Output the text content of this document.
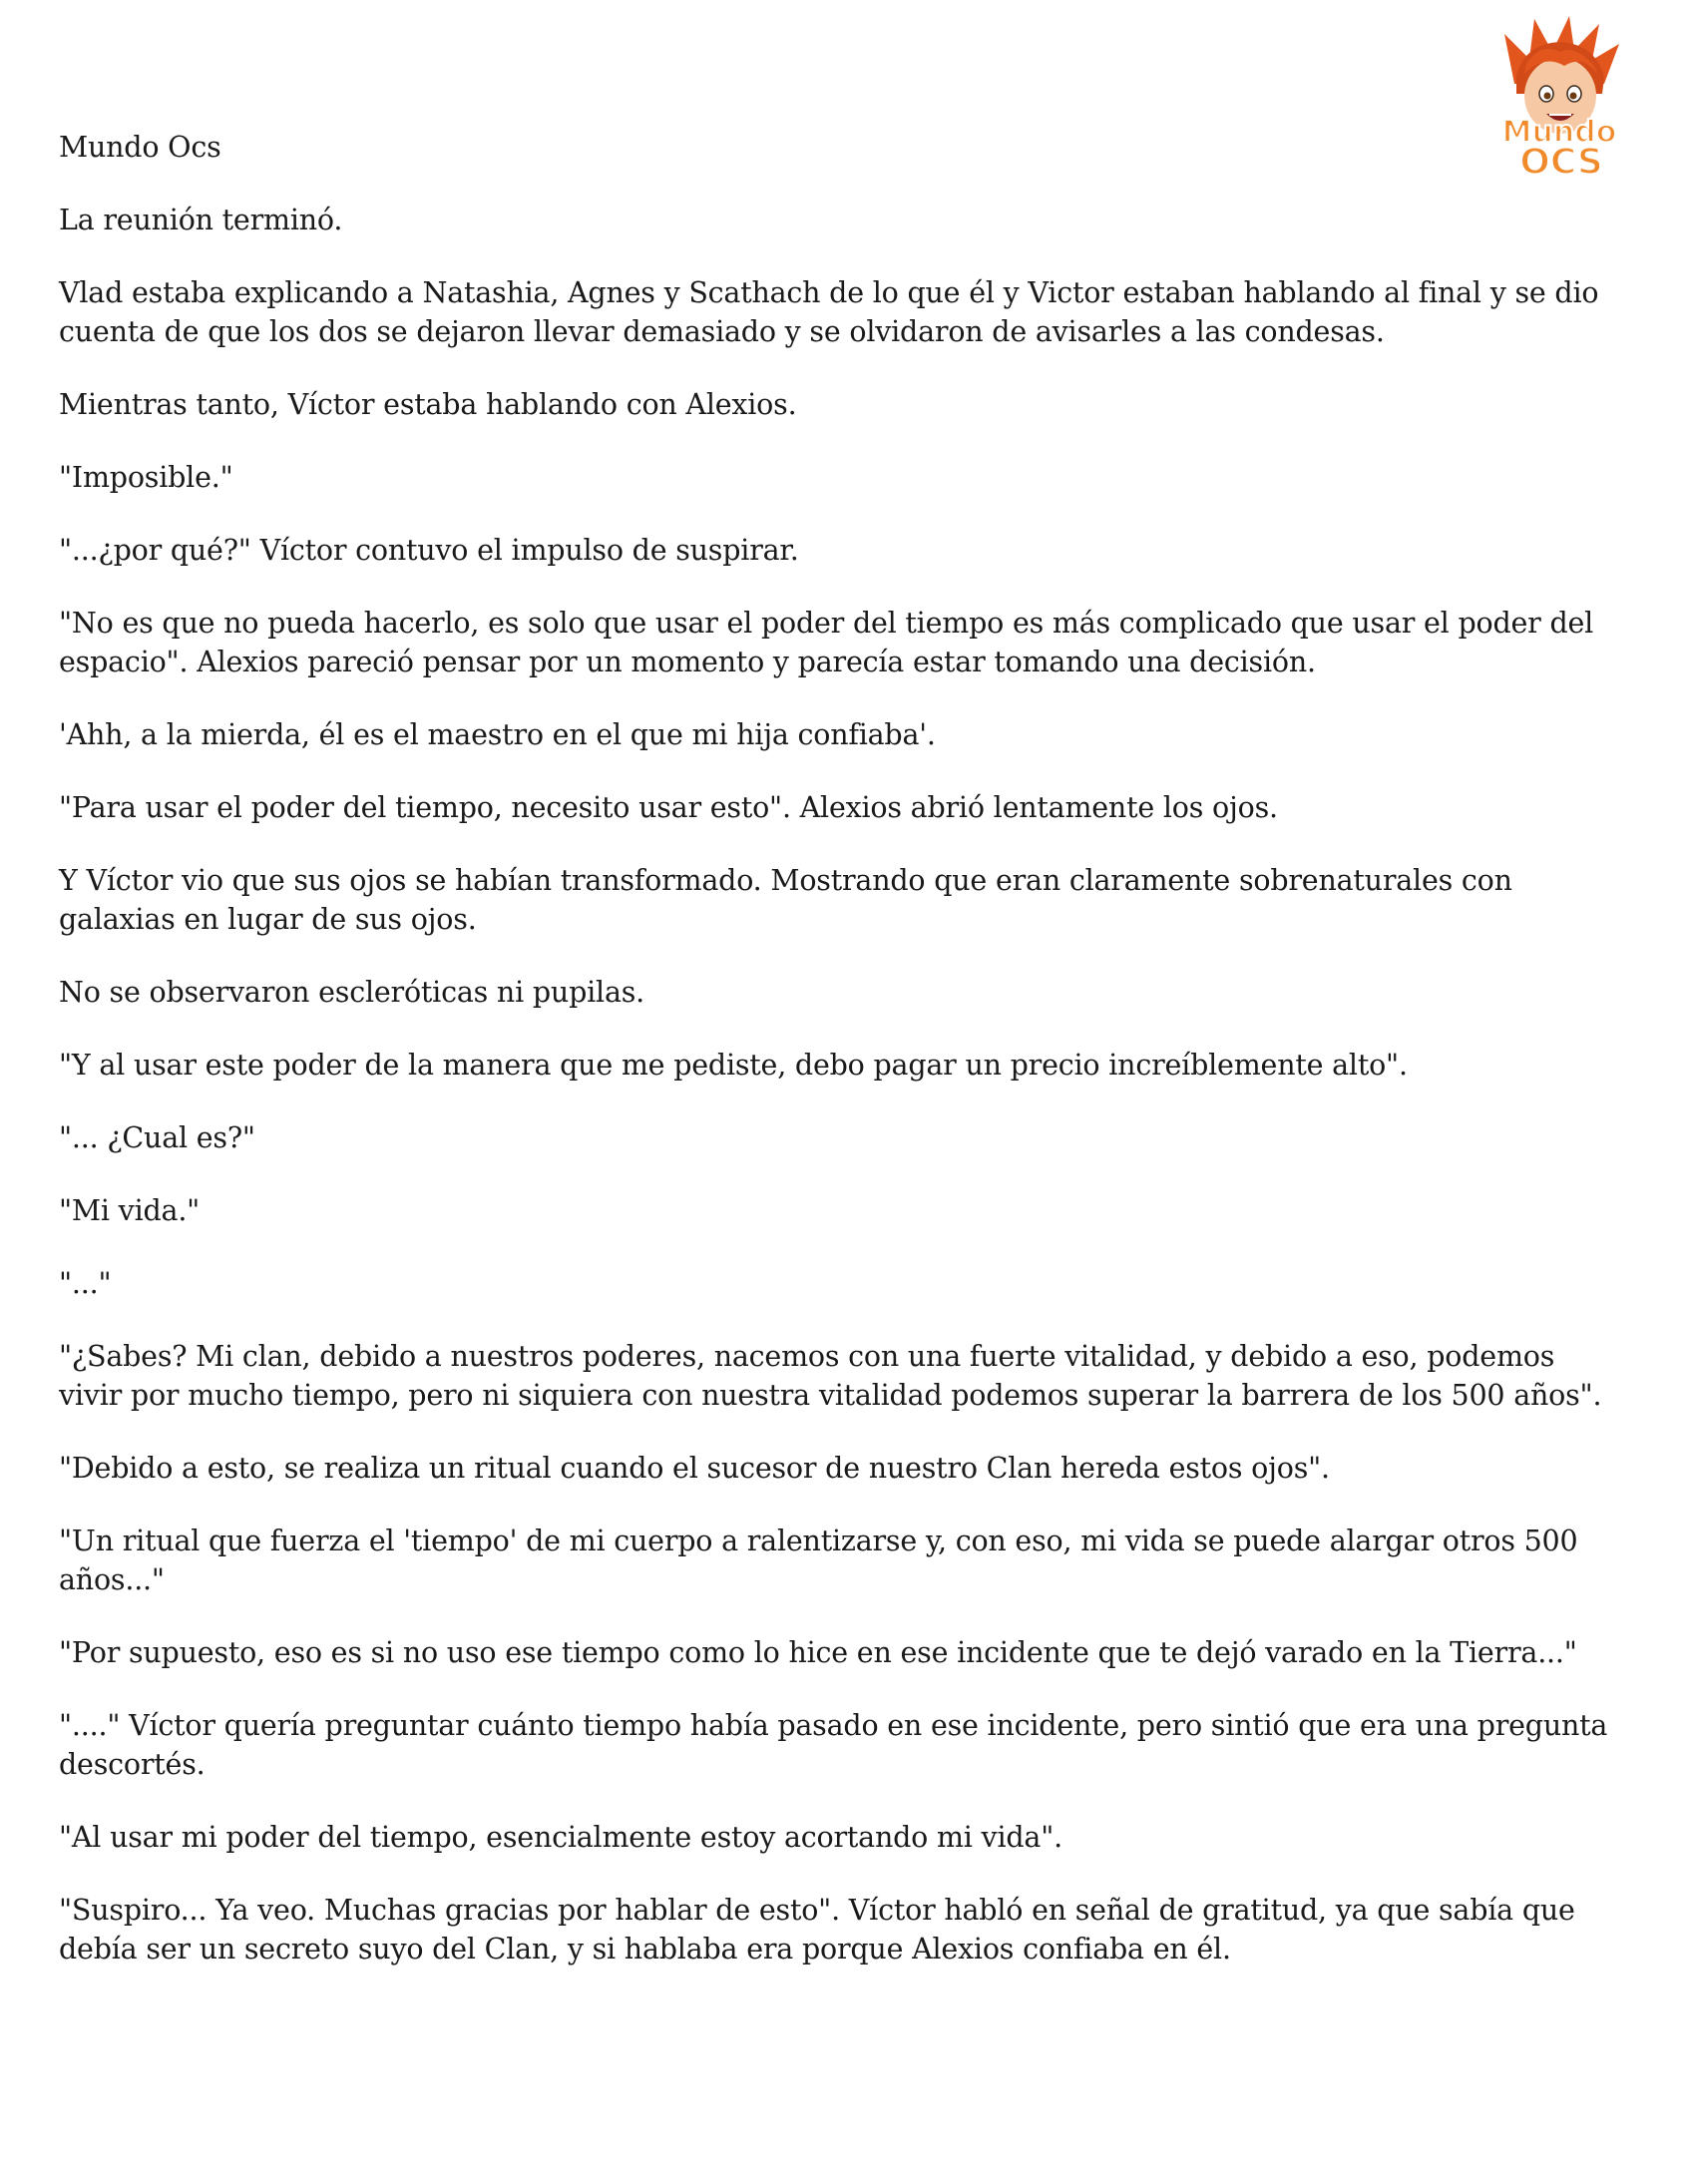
Mundo
OCS

Mundo Ocs

La reunión terminó.

Vlad estaba explicando a Natashia, Agnes y Scathach de lo que él y Victor estaban hablando al final y se dio cuenta de que los dos se dejaron llevar demasiado y se olvidaron de avisarles a las condesas.

Mientras tanto, Víctor estaba hablando con Alexios.

"Imposible."

"...¿por qué?" Víctor contuvo el impulso de suspirar.

"No es que no pueda hacerlo, es solo que usar el poder del tiempo es más complicado que usar el poder del espacio". Alexios pareció pensar por un momento y parecía estar tomando una decisión.

'Ahh, a la mierda, él es el maestro en el que mi hija confiaba'.

"Para usar el poder del tiempo, necesito usar esto". Alexios abrió lentamente los ojos.

Y Víctor vio que sus ojos se habían transformado. Mostrando que eran claramente sobrenaturales con galaxias en lugar de sus ojos.

No se observaron escleróticas ni pupilas.

"Y al usar este poder de la manera que me pediste, debo pagar un precio increíblemente alto".

"... ¿Cual es?"

"Mi vida."

"..."

"¿Sabes? Mi clan, debido a nuestros poderes, nacemos con una fuerte vitalidad, y debido a eso, podemos vivir por mucho tiempo, pero ni siquiera con nuestra vitalidad podemos superar la barrera de los 500 años".

"Debido a esto, se realiza un ritual cuando el sucesor de nuestro Clan hereda estos ojos".

"Un ritual que fuerza el 'tiempo' de mi cuerpo a ralentizarse y, con eso, mi vida se puede alargar otros 500 años..."

"Por supuesto, eso es si no uso ese tiempo como lo hice en ese incidente que te dejó varado en la Tierra..."

"...." Víctor quería preguntar cuánto tiempo había pasado en ese incidente, pero sintió que era una pregunta descortés.

"Al usar mi poder del tiempo, esencialmente estoy acortando mi vida".

"Suspiro... Ya veo. Muchas gracias por hablar de esto". Víctor habló en señal de gratitud, ya que sabía que debía ser un secreto suyo del Clan, y si hablaba era porque Alexios confiaba en él.
